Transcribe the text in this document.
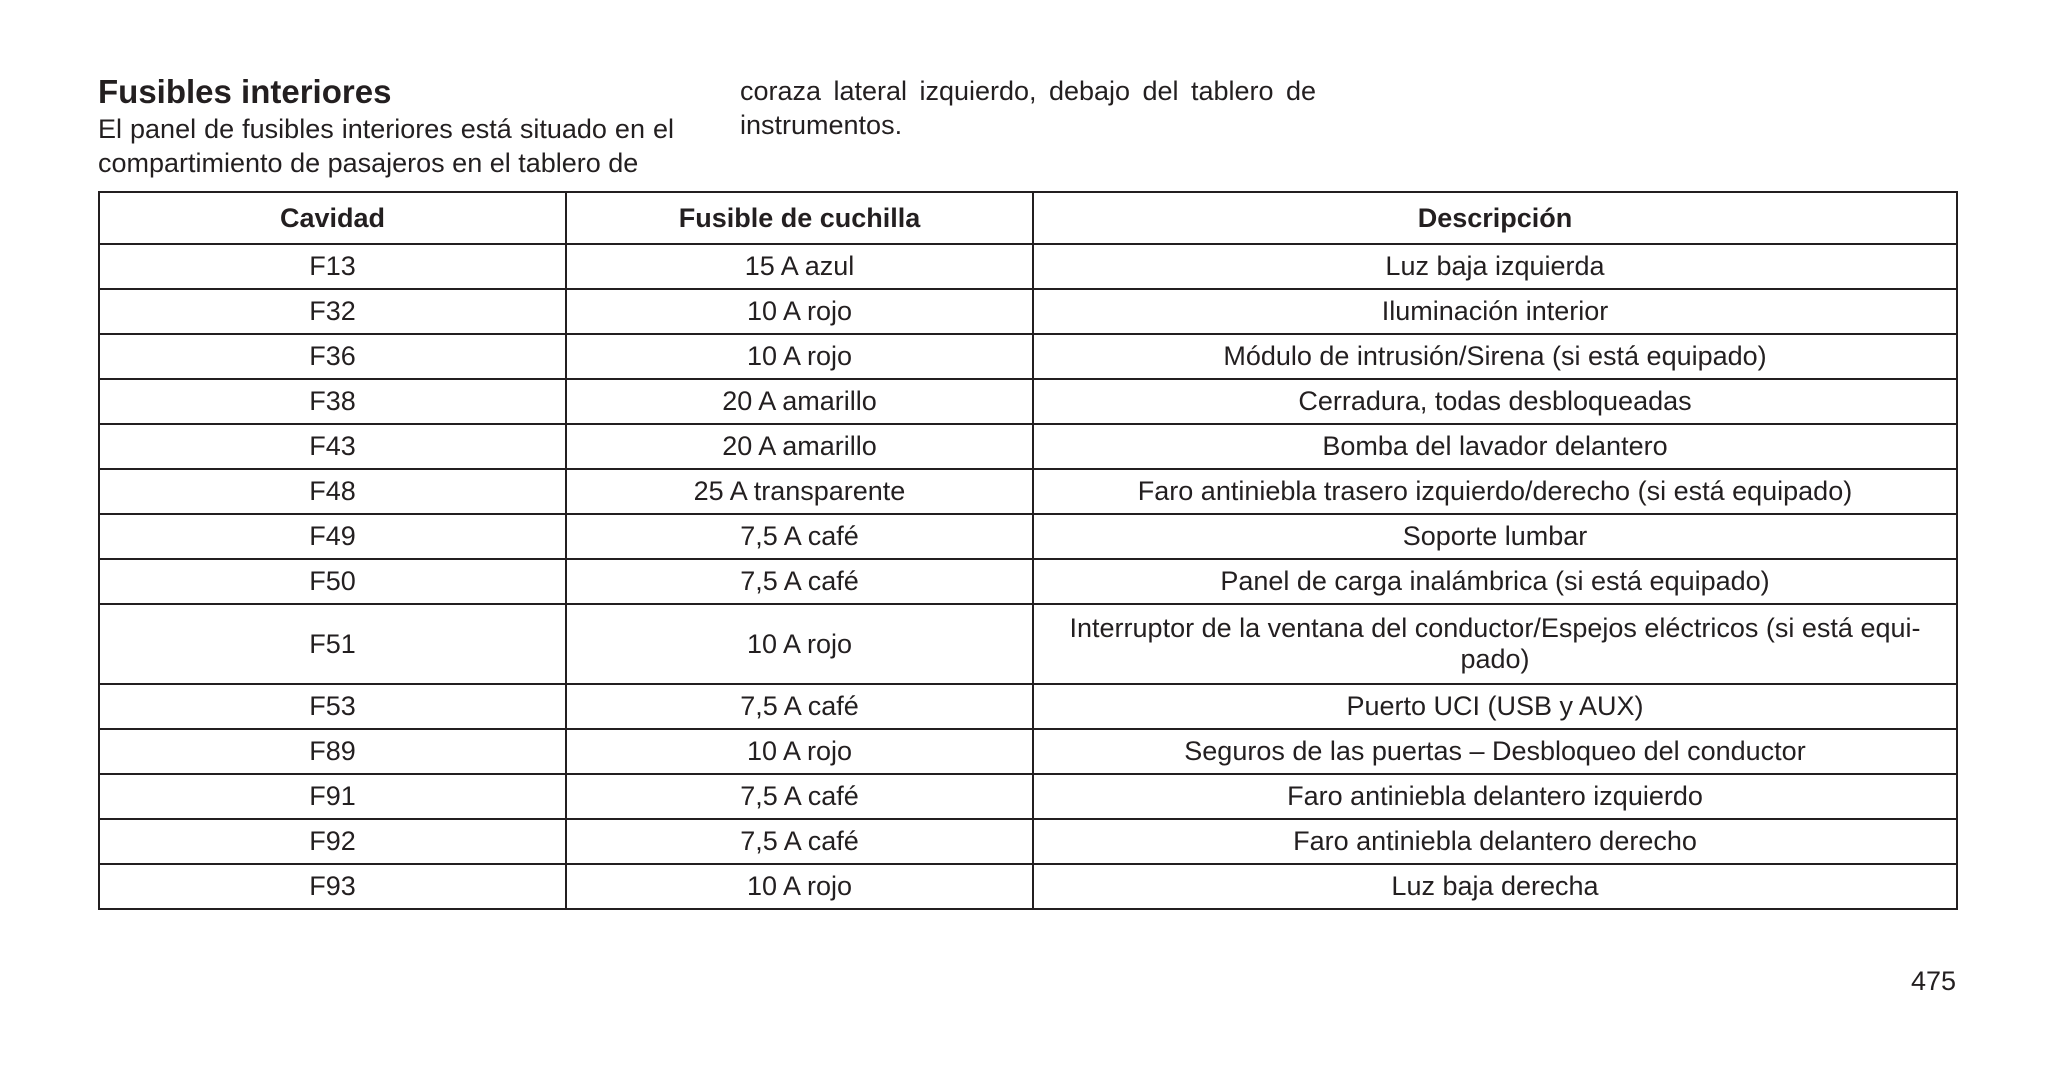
Fusibles interiores

El panel de fusibles interiores está situado en el compartimiento de pasajeros en el tablero de

coraza lateral izquierdo, debajo del tablero de instrumentos.

Cavidad	Fusible de cuchilla	Descripción
F13	15 A azul	Luz baja izquierda
F32	10 A rojo	Iluminación interior
F36	10 A rojo	Módulo de intrusión/Sirena (si está equipado)
F38	20 A amarillo	Cerradura, todas desbloqueadas
F43	20 A amarillo	Bomba del lavador delantero
F48	25 A transparente	Faro antiniebla trasero izquierdo/derecho (si está equipado)
F49	7,5 A café	Soporte lumbar
F50	7,5 A café	Panel de carga inalámbrica (si está equipado)
F51	10 A rojo	Interruptor de la ventana del conductor/Espejos eléctricos (si está equi-pado)
F53	7,5 A café	Puerto UCI (USB y AUX)
F89	10 A rojo	Seguros de las puertas – Desbloqueo del conductor
F91	7,5 A café	Faro antiniebla delantero izquierdo
F92	7,5 A café	Faro antiniebla delantero derecho
F93	10 A rojo	Luz baja derecha
475
